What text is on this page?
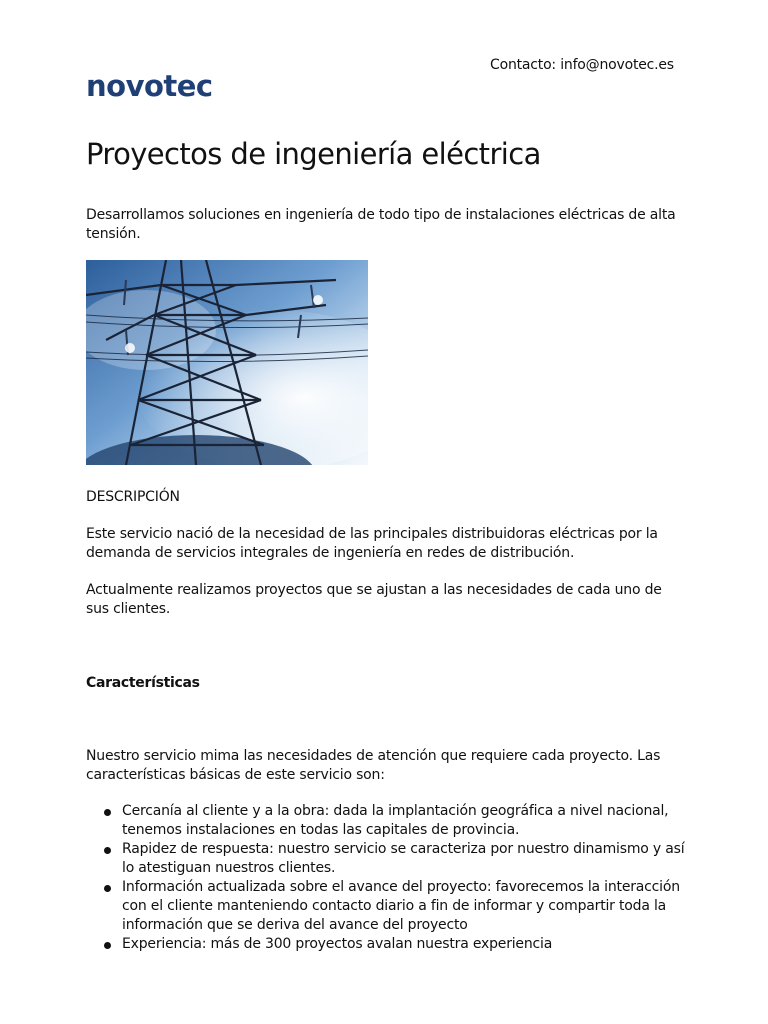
Contacto: info@novotec.es
novotec
Proyectos de ingeniería eléctrica

Desarrollamos soluciones en ingeniería de todo tipo de instalaciones eléctricas de alta tensión.

DESCRIPCIÓN

Este servicio nació de la necesidad de las principales distribuidoras eléctricas por la demanda de servicios integrales de ingeniería en redes de distribución.

Actualmente realizamos proyectos que se ajustan a las necesidades de cada uno de sus clientes.

Características

Nuestro servicio mima las necesidades de atención que requiere cada proyecto. Las características básicas de este servicio son:

Cercanía al cliente y a la obra: dada la implantación geográfica a nivel nacional, tenemos instalaciones en todas las capitales de provincia.
Rapidez de respuesta: nuestro servicio se caracteriza por nuestro dinamismo y así lo atestiguan nuestros clientes.
Información actualizada sobre el avance del proyecto: favorecemos la interacción con el cliente manteniendo contacto diario a fin de informar y compartir toda la información que se deriva del avance del proyecto
Experiencia: más de 300 proyectos avalan nuestra experiencia
